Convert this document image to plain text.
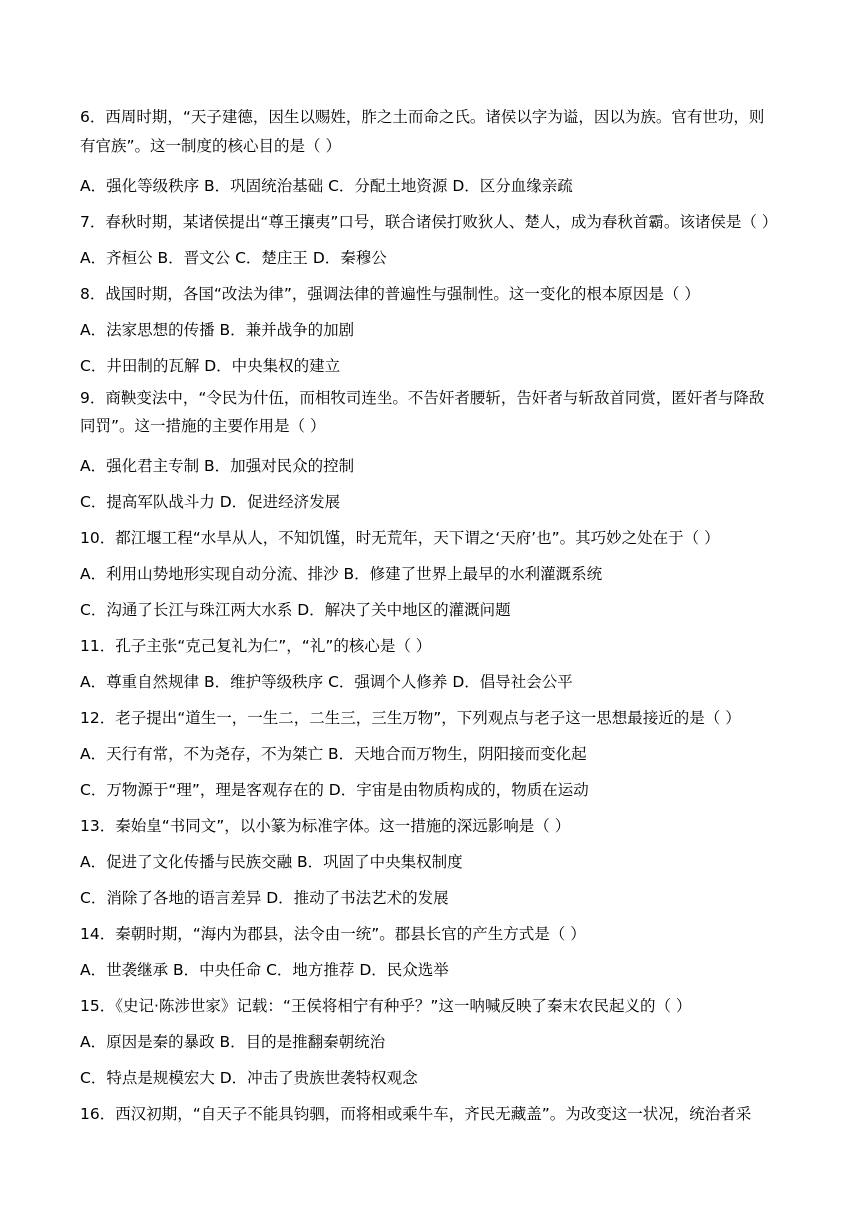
6．西周时期，“天子建德，因生以赐姓，胙之土而命之氏。诸侯以字为谥，因以为族。官有世功，则
有官族”。这一制度的核心目的是（ ）
A．强化等级秩序 B．巩固统治基础 C．分配土地资源 D．区分血缘亲疏
7．春秋时期，某诸侯提出“尊王攘夷”口号，联合诸侯打败狄人、楚人，成为春秋首霸。该诸侯是（ ）
A．齐桓公 B．晋文公 C．楚庄王 D．秦穆公
8．战国时期，各国“改法为律”，强调法律的普遍性与强制性。这一变化的根本原因是（ ）
A．法家思想的传播 B．兼并战争的加剧
C．井田制的瓦解 D．中央集权的建立
9．商鞅变法中，“令民为什伍，而相牧司连坐。不告奸者腰斩，告奸者与斩敌首同赏，匿奸者与降敌
同罚”。这一措施的主要作用是（ ）
A．强化君主专制 B．加强对民众的控制
C．提高军队战斗力 D．促进经济发展
10．都江堰工程“水旱从人，不知饥馑，时无荒年，天下谓之‘天府’也”。其巧妙之处在于（ ）
A．利用山势地形实现自动分流、排沙 B．修建了世界上最早的水利灌溉系统
C．沟通了长江与珠江两大水系 D．解决了关中地区的灌溉问题
11．孔子主张“克己复礼为仁”，“礼”的核心是（ ）
A．尊重自然规律 B．维护等级秩序 C．强调个人修养 D．倡导社会公平
12．老子提出“道生一，一生二，二生三，三生万物”，下列观点与老子这一思想最接近的是（ ）
A．天行有常，不为尧存，不为桀亡 B．天地合而万物生，阴阳接而变化起
C．万物源于“理”，理是客观存在的 D．宇宙是由物质构成的，物质在运动
13．秦始皇“书同文”，以小篆为标准字体。这一措施的深远影响是（ ）
A．促进了文化传播与民族交融 B．巩固了中央集权制度
C．消除了各地的语言差异 D．推动了书法艺术的发展
14．秦朝时期，“海内为郡县，法令由一统”。郡县长官的产生方式是（ ）
A．世袭继承 B．中央任命 C．地方推荐 D．民众选举
15．《史记·陈涉世家》记载：“王侯将相宁有种乎？”这一呐喊反映了秦末农民起义的（ ）
A．原因是秦的暴政 B．目的是推翻秦朝统治
C．特点是规模宏大 D．冲击了贵族世袭特权观念
16．西汉初期，“自天子不能具钧驷，而将相或乘牛车，齐民无藏盖”。为改变这一状况，统治者采
